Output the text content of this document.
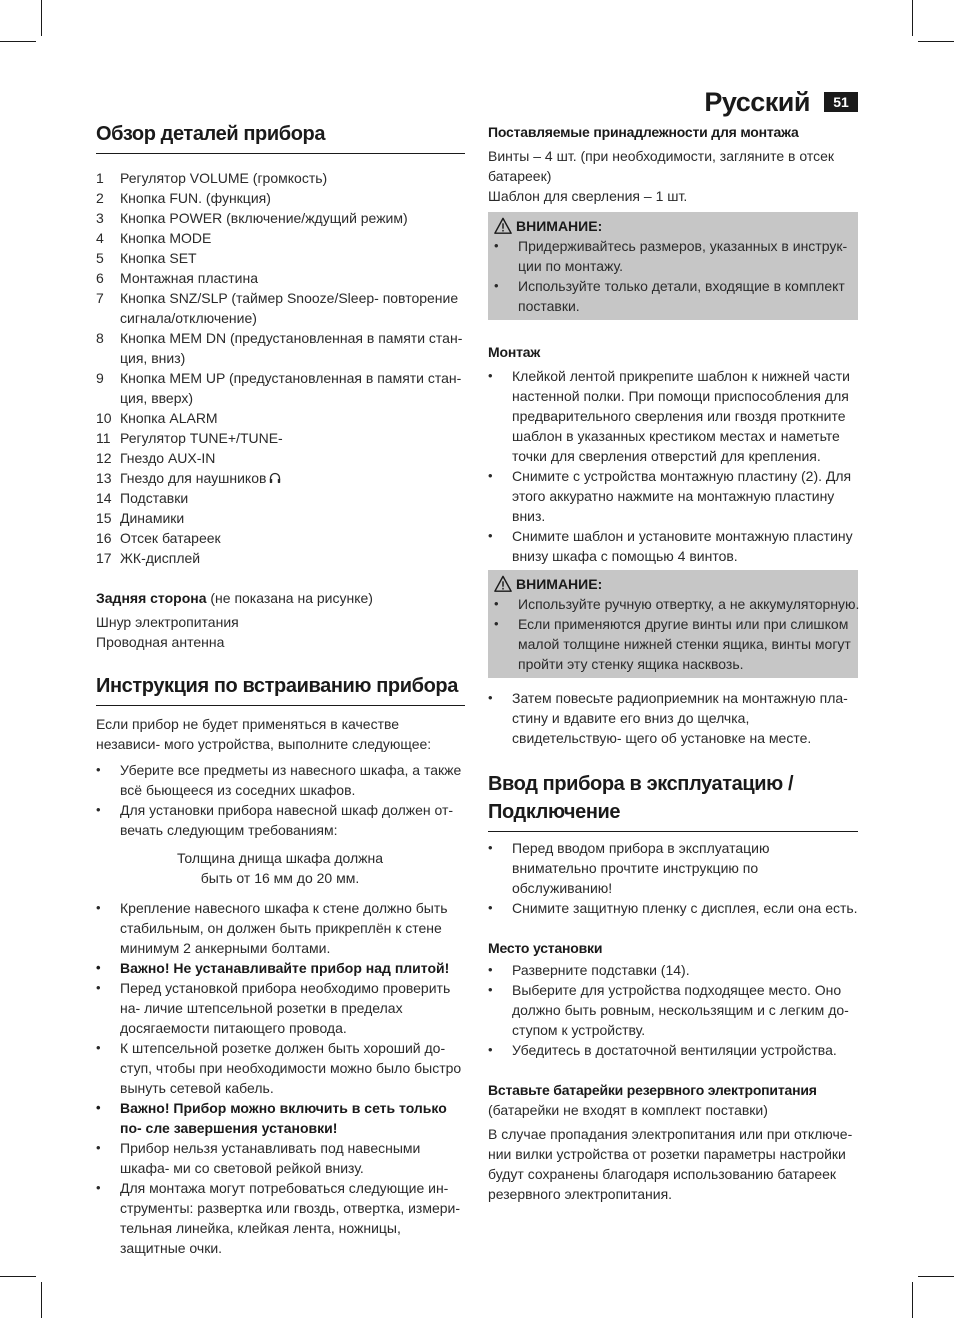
Русский	51
Обзор деталей прибора
1	Регулятор VOLUME (громкость)
2	Кнопка FUN. (функция)
3	Кнопка POWER (включение/ждущий режим)
4	Кнопка MODE
5	Кнопка SET
6	Монтажная пластина
7	Кнопка SNZ/SLP (таймер Snooze/Sleep- повторение сигнала/отключение)
8	Кнопка MEM DN (предустановленная в памяти стан- ция, вниз)
9	Кнопка MEM UP (предустановленная в памяти стан- ция, вверх)
10 Кнопка ALARM
11 Регулятор TUNE+/TUNE-
12 Гнездо AUX-IN
13 Гнездо для наушников
14 Подставки
15 Динамики
16 Отсек батареек
17 ЖК-дисплей

Задняя сторона (не показана на рисунке)

Шнур электропитания

Проводная антенна

Инструкция по встраиванию прибора

Если прибор не будет применяться в качестве независи- мого устройства, выполните следующее:

•	Уберите все предметы из навесного шкафа, а также всё бьющееся из соседних шкафов.
•	Для установки прибора навесной шкаф должен от- вечать следующим требованиям:

Толщина днища шкафа должна

быть от 16 мм до 20 мм.

•	Крепление навесного шкафа к стене должно быть стабильным, он должен быть прикреплён к стене минимум 2 анкерными болтами.
•	Важно! Не устанавливайте прибор над плитой!
•	Перед установкой прибора необходимо проверить на- личие штепсельной розетки в пределах досягаемости питающего провода.
•	К штепсельной розетке должен быть хороший до- ступ, чтобы при необходимости можно было быстро вынуть сетевой кабель.
•	Важно! Прибор можно включить в сеть только по- сле завершения установки!
•	Прибор нельзя устанавливать под навесными шкафа- ми со световой рейкой внизу.
•	Для монтажа могут потребоваться следующие ин- струменты: развертка или гвоздь, отвертка, измери- тельная линейка, клейкая лента, ножницы, защитные очки.
Поставляемые принадлежности для монтажа

Винты – 4 шт. (при необходимости, загляните в отсек батареек)

Шаблон для сверления – 1 шт.

ВНИМАНИЕ:
•	Придерживайтесь размеров, указанных в инструк- ции по монтажу.
•	Используйте только детали, входящие в комплект поставки.
Монтаж
•	Клейкой лентой прикрепите шаблон к нижней части настенной полки. При помощи приспособления для предварительного сверления или гвоздя проткните шаблон в указанных крестиком местах и наметьте точки для сверления отверстий для крепления.
•	Снимите с устройства монтажную пластину (2). Для этого аккуратно нажмите на монтажную пластину вниз.
•	Снимите шаблон и установите монтажную пластину внизу шкафа с помощью 4 винтов.
ВНИМАНИЕ:
•	Используйте ручную отвертку, а не аккумуляторную.
•	Если применяются другие винты или при слишком малой толщине нижней стенки ящика, винты могут пройти эту стенку ящика насквозь.
•	Затем повесьте радиоприемник на монтажную пла- стину и вдавите его вниз до щелчка, свидетельствую- щего об установке на месте.
Ввод прибора в эксплуатацию /
Подключение
•	Перед вводом прибора в эксплуатацию внимательно прочтите инструкцию по обслуживанию!
•	Снимите защитную пленку с дисплея, если она есть.
Место установки
•	Разверните подставки (14).
•	Выберите для устройства подходящее место. Оно должно быть ровным, нескользящим и с легким до- ступом к устройству.
•	Убедитесь в достаточной вентиляции устройства.
Вставьте батарейки резервного электропитания

(батарейки не входят в комплект поставки)

В случае пропадания электропитания или при отключе- нии вилки устройства от розетки параметры настройки будут сохранены благодаря использованию батареек резервного электропитания.
